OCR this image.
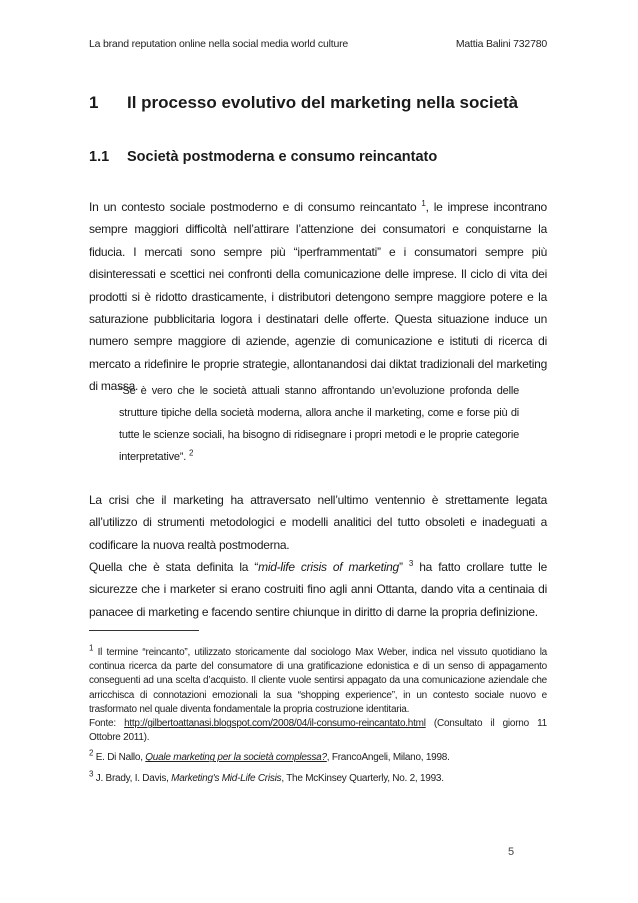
La brand reputation online nella social media world culture	Mattia Balini 732780
1	Il processo evolutivo del marketing nella società
1.1	Società postmoderna e consumo reincantato

In un contesto sociale postmoderno e di consumo reincantato $^1$, le imprese incontrano sempre maggiori difficoltà nell’attirare l’attenzione dei consumatori e conquistarne la fiducia. I mercati sono sempre più “iperframmentati” e i consumatori sempre più disinteressati e scettici nei confronti della comunicazione delle imprese. Il ciclo di vita dei prodotti si è ridotto drasticamente, i distributori detengono sempre maggiore potere e la saturazione pubblicitaria logora i destinatari delle offerte. Questa situazione induce un numero sempre maggiore di aziende, agenzie di comunicazione e istituti di ricerca di mercato a ridefinire le proprie strategie, allontanandosi dai diktat tradizionali del marketing di massa.

“Se è vero che le società attuali stanno affrontando un’evoluzione profonda delle strutture tipiche della società moderna, allora anche il marketing, come e forse più di tutte le scienze sociali, ha bisogno di ridisegnare i propri metodi e le proprie categorie interpretative”. $^2$

La crisi che il marketing ha attraversato nell’ultimo ventennio è strettamente legata all’utilizzo di strumenti metodologici e modelli analitici del tutto obsoleti e inadeguati a codificare la nuova realtà postmoderna.

Quella che è stata definita la “mid-life crisis of marketing” $^3$ ha fatto crollare tutte le sicurezze che i marketer si erano costruiti fino agli anni Ottanta, dando vita a centinaia di panacee di marketing e facendo sentire chiunque in diritto di darne la propria definizione.

$^1$ Il termine “reincanto”, utilizzato storicamente dal sociologo Max Weber, indica nel vissuto quotidiano la continua ricerca da parte del consumatore di una gratificazione edonistica e di un senso di appagamento conseguenti ad una scelta d’acquisto. Il cliente vuole sentirsi appagato da una comunicazione aziendale che arricchisca di connotazioni emozionali la sua “shopping experience”, in un contesto sociale nuovo e trasformato nel quale diventa fondamentale la propria costruzione identitaria.

Fonte: http://gilbertoattanasi.blogspot.com/2008/04/il-consumo-reincantato.html (Consultato il giorno 11 Ottobre 2011).

$^2$ E. Di Nallo, Quale marketing per la società complessa?, FrancoAngeli, Milano, 1998.

$^3$ J. Brady, I. Davis, Marketing's Mid-Life Crisis, The McKinsey Quarterly, No. 2, 1993.

5
